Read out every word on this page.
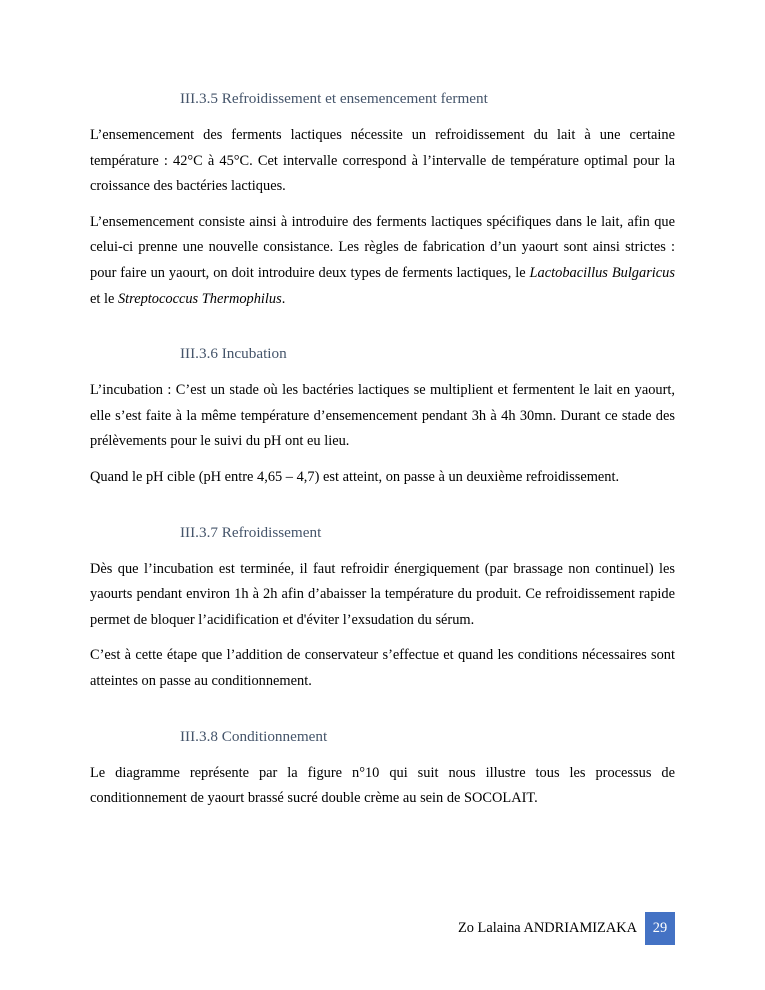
III.3.5 Refroidissement et ensemencement ferment

L’ensemencement des ferments lactiques nécessite un refroidissement du lait à une certaine température : 42°C à 45°C. Cet intervalle correspond à l’intervalle de température optimal pour la croissance des bactéries lactiques.

L’ensemencement consiste ainsi à introduire des ferments lactiques spécifiques dans le lait, afin que celui-ci prenne une nouvelle consistance. Les règles de fabrication d’un yaourt sont ainsi strictes : pour faire un yaourt, on doit introduire deux types de ferments lactiques, le Lactobacillus Bulgaricus et le Streptococcus Thermophilus.

III.3.6 Incubation

L’incubation : C’est un stade où les bactéries lactiques se multiplient et fermentent le lait en yaourt, elle s’est faite à la même température d’ensemencement pendant 3h à 4h 30mn. Durant ce stade des prélèvements pour le suivi du pH ont eu lieu.

Quand le pH cible (pH entre 4,65 – 4,7) est atteint, on passe à un deuxième refroidissement.

III.3.7 Refroidissement

Dès que l’incubation est terminée, il faut refroidir énergiquement (par brassage non continuel) les yaourts pendant environ 1h à 2h afin d’abaisser la température du produit. Ce refroidissement rapide permet de bloquer l’acidification et d'éviter l’exsudation du sérum.

C’est à cette étape que l’addition de conservateur s’effectue et quand les conditions nécessaires sont atteintes on passe au conditionnement.

III.3.8 Conditionnement

Le diagramme représente par la figure n°10 qui suit nous illustre tous les processus de conditionnement de yaourt brassé sucré double crème au sein de SOCOLAIT.

Zo Lalaina ANDRIAMIZAKA	29
